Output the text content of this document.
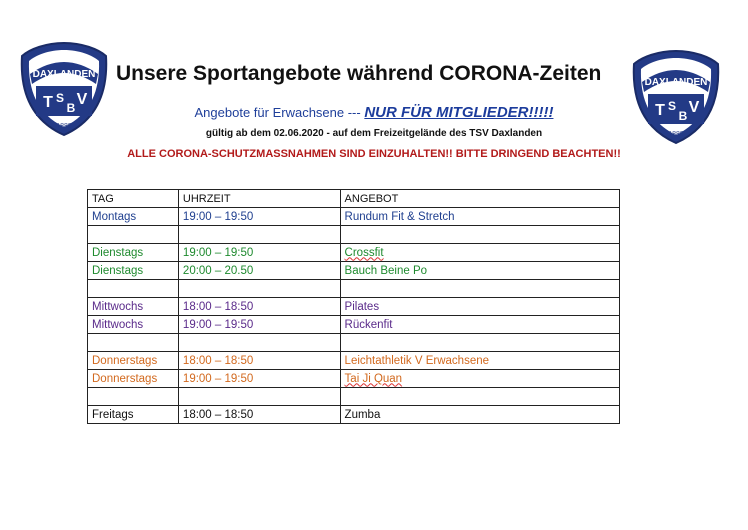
DAXLANDEN
T S
B V
1889
DAXLANDEN
T S
B V
1889
Unsere Sportangebote während CORONA-Zeiten
Angebote für Erwachsene --- NUR FÜR MITGLIEDER!!!!!
gültig ab dem 02.06.2020 - auf dem Freizeitgelände des TSV Daxlanden
ALLE CORONA-SCHUTZMASSNAHMEN SIND EINZUHALTEN!! BITTE DRINGEND BEACHTEN!!
TAG	UHRZEIT	ANGEBOT
Montags	19:00 – 19:50	Rundum Fit & Stretch

Dienstags	19:00 – 19:50	Crossfit
Dienstags	20:00 – 20.50	Bauch Beine Po

Mittwochs	18:00 – 18:50	Pilates
Mittwochs	19:00 – 19:50	Rückenfit

Donnerstags	18:00 – 18:50	Leichtathletik V Erwachsene
Donnerstags	19:00 – 19:50	Tai Ji Quan

Freitags	18:00 – 18:50	Zumba
